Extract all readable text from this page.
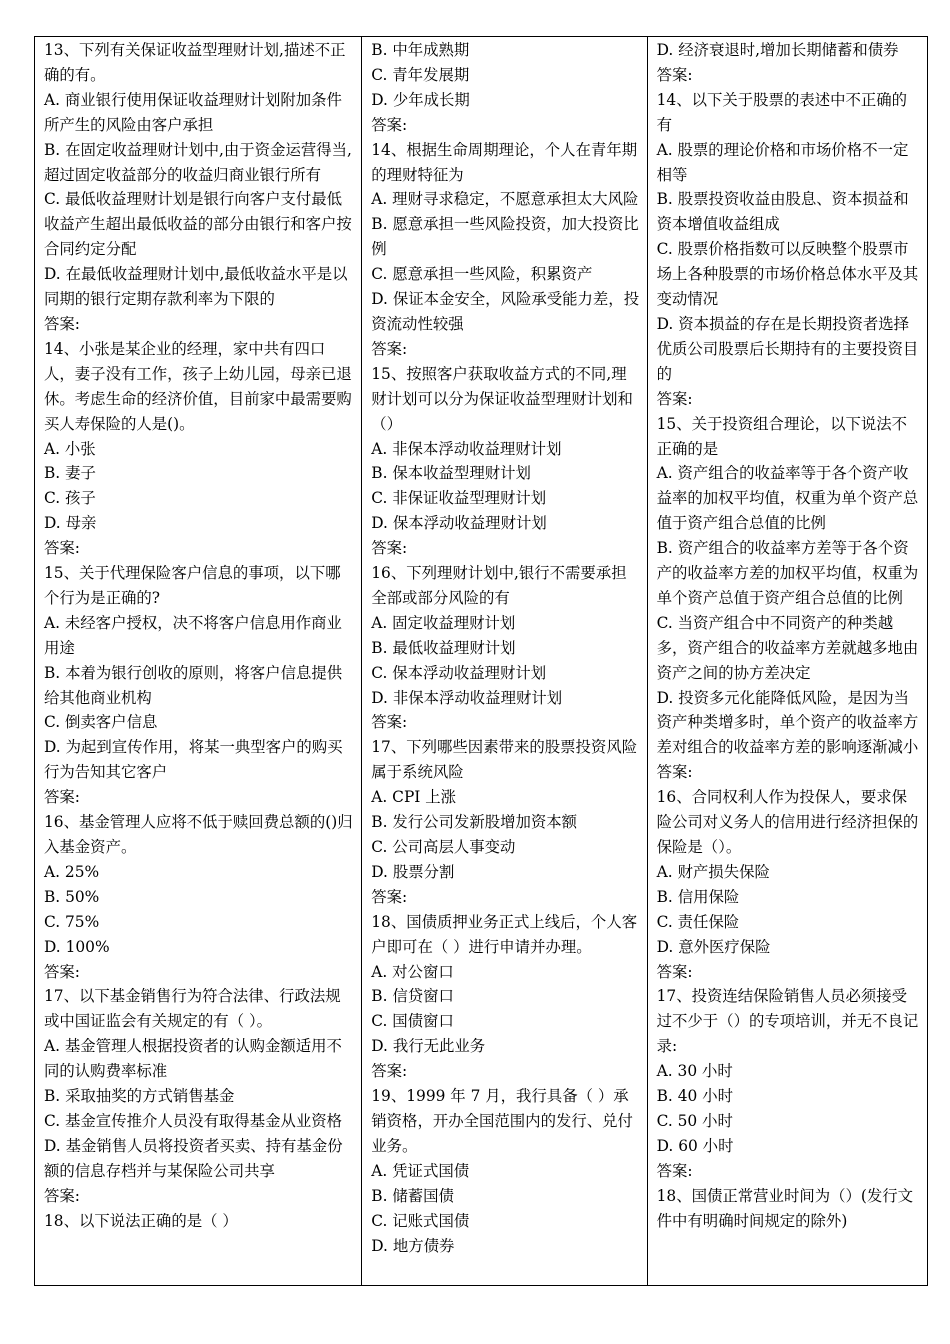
13、下列有关保证收益型理财计划,描述不正确的有。
A. 商业银行使用保证收益理财计划附加条件所产生的风险由客户承担
B. 在固定收益理财计划中,由于资金运营得当,超过固定收益部分的收益归商业银行所有
C. 最低收益理财计划是银行向客户支付最低收益产生超出最低收益的部分由银行和客户按合同约定分配
D. 在最低收益理财计划中,最低收益水平是以同期的银行定期存款利率为下限的
答案:
14、小张是某企业的经理，家中共有四口人，妻子没有工作，孩子上幼儿园，母亲已退休。考虑生命的经济价值，目前家中最需要购买人寿保险的人是()。
A. 小张
B. 妻子
C. 孩子
D. 母亲
答案:
15、关于代理保险客户信息的事项，以下哪个行为是正确的?
A. 未经客户授权，决不将客户信息用作商业用途
B. 本着为银行创收的原则，将客户信息提供给其他商业机构
C. 倒卖客户信息
D. 为起到宣传作用，将某一典型客户的购买行为告知其它客户
答案:
16、基金管理人应将不低于赎回费总额的()归入基金资产。
A. 25%
B. 50%
C. 75%
D. 100%
答案:
17、以下基金销售行为符合法律、行政法规或中国证监会有关规定的有（ ）。
A. 基金管理人根据投资者的认购金额适用不同的认购费率标准
B. 采取抽奖的方式销售基金
C. 基金宣传推介人员没有取得基金从业资格
D. 基金销售人员将投资者买卖、持有基金份额的信息存档并与某保险公司共享
答案:
18、以下说法正确的是（ ）
B. 中年成熟期
C. 青年发展期
D. 少年成长期
答案:
14、根据生命周期理论，个人在青年期的理财特征为
A. 理财寻求稳定，不愿意承担太大风险
B. 愿意承担一些风险投资，加大投资比例
C. 愿意承担一些风险，积累资产
D. 保证本金安全，风险承受能力差，投资流动性较强
答案:
15、按照客户获取收益方式的不同,理财计划可以分为保证收益型理财计划和（）
A. 非保本浮动收益理财计划
B. 保本收益型理财计划
C. 非保证收益型理财计划
D. 保本浮动收益理财计划
答案:
16、下列理财计划中,银行不需要承担全部或部分风险的有
A. 固定收益理财计划
B. 最低收益理财计划
C. 保本浮动收益理财计划
D. 非保本浮动收益理财计划
答案:
17、下列哪些因素带来的股票投资风险属于系统风险
A. CPI 上涨
B. 发行公司发新股增加资本额
C. 公司高层人事变动
D. 股票分割
答案:
18、国债质押业务正式上线后，个人客户即可在（ ）进行申请并办理。
A. 对公窗口
B. 信贷窗口
C. 国债窗口
D. 我行无此业务
答案:
19、1999 年 7 月，我行具备（ ）承销资格，开办全国范围内的发行、兑付业务。
A. 凭证式国债
B. 储蓄国债
C. 记账式国债
D. 地方债券
D. 经济衰退时,增加长期储蓄和债券
答案:
14、以下关于股票的表述中不正确的有
A. 股票的理论价格和市场价格不一定相等
B. 股票投资收益由股息、资本损益和资本增值收益组成
C. 股票价格指数可以反映整个股票市场上各种股票的市场价格总体水平及其变动情况
D. 资本损益的存在是长期投资者选择优质公司股票后长期持有的主要投资目的
答案:
15、关于投资组合理论，以下说法不正确的是
A. 资产组合的收益率等于各个资产收益率的加权平均值，权重为单个资产总值于资产组合总值的比例
B. 资产组合的收益率方差等于各个资产的收益率方差的加权平均值，权重为单个资产总值于资产组合总值的比例
C. 当资产组合中不同资产的种类越多，资产组合的收益率方差就越多地由资产之间的协方差决定
D. 投资多元化能降低风险，是因为当资产种类增多时，单个资产的收益率方差对组合的收益率方差的影响逐渐减小
答案:
16、合同权利人作为投保人，要求保险公司对义务人的信用进行经济担保的保险是（）。
A. 财产损失保险
B. 信用保险
C. 责任保险
D. 意外医疗保险
答案:
17、投资连结保险销售人员必须接受过不少于（）的专项培训，并无不良记录:
A. 30 小时
B. 40 小时
C. 50 小时
D. 60 小时
答案:
18、国债正常营业时间为（）(发行文件中有明确时间规定的除外)
